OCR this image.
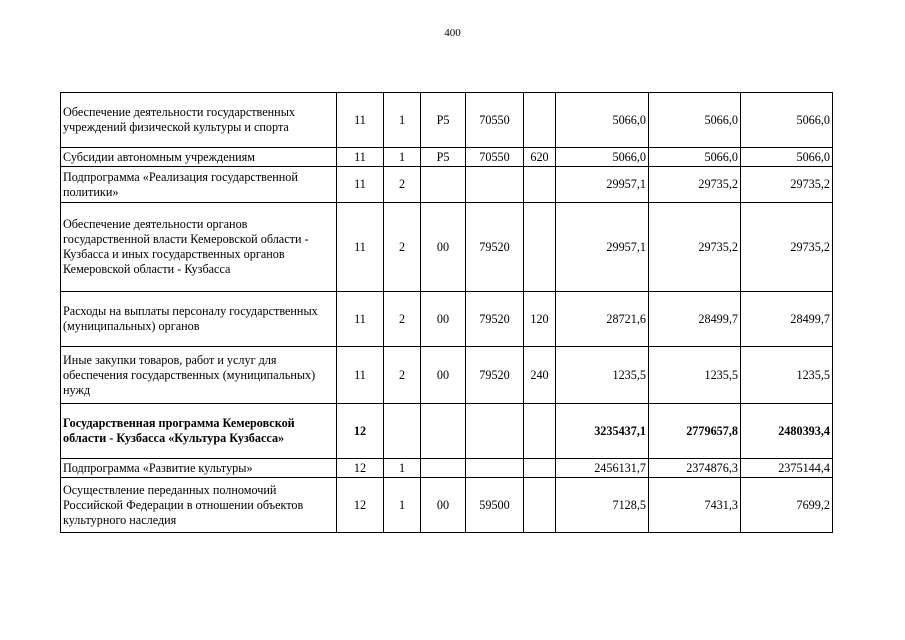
400
Обеспечение деятельности государственных учреждений физической культуры и спорта	11	1	Р5	70550		5066,0	5066,0	5066,0
Субсидии автономным учреждениям	11	1	Р5	70550	620	5066,0	5066,0	5066,0
Подпрограмма «Реализация государственной политики»	11	2				29957,1	29735,2	29735,2
Обеспечение деятельности органов государственной власти Кемеровской области - Кузбасса и иных государственных органов Кемеровской области - Кузбасса	11	2	00	79520		29957,1	29735,2	29735,2
Расходы на выплаты персоналу государственных (муниципальных) органов	11	2	00	79520	120	28721,6	28499,7	28499,7
Иные закупки товаров, работ и услуг для обеспечения государственных (муниципальных) нужд	11	2	00	79520	240	1235,5	1235,5	1235,5
Государственная программа Кемеровской области - Кузбасса «Культура Кузбасса»	12					3235437,1	2779657,8	2480393,4
Подпрограмма «Развитие культуры»	12	1				2456131,7	2374876,3	2375144,4
Осуществление переданных полномочий Российской Федерации в отношении объектов культурного наследия	12	1	00	59500		7128,5	7431,3	7699,2
